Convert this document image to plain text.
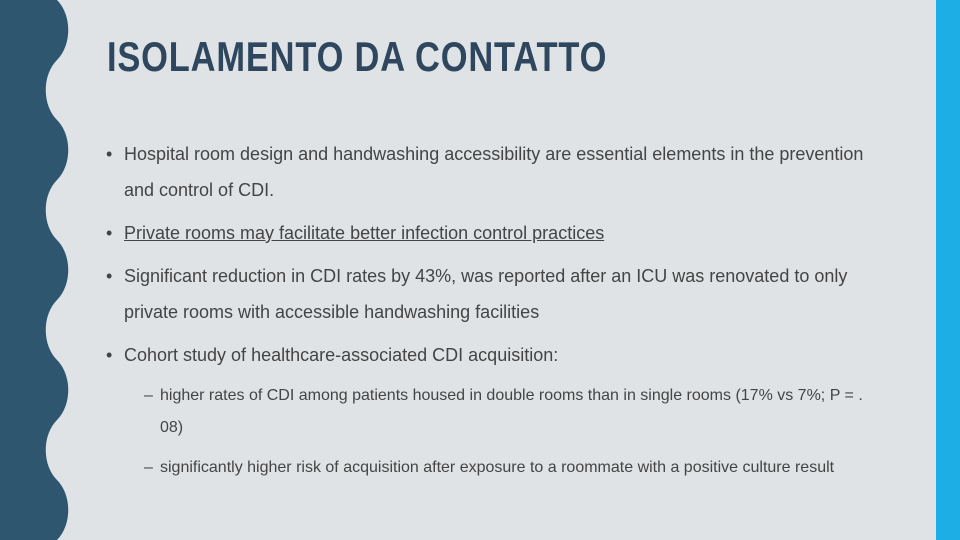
ISOLAMENTO DA CONTATTO
• Hospital room design and handwashing accessibility are essential elements in the prevention and control of CDI.
• Private rooms may facilitate better infection control practices
• Significant reduction in CDI rates by 43%, was reported after an ICU was renovated to only private rooms with accessible handwashing facilities
• Cohort study of healthcare-associated CDI acquisition:
– higher rates of CDI among patients housed in double rooms than in single rooms (17% vs 7%; P = . 08)
– significantly higher risk of acquisition after exposure to a roommate with a positive culture result
